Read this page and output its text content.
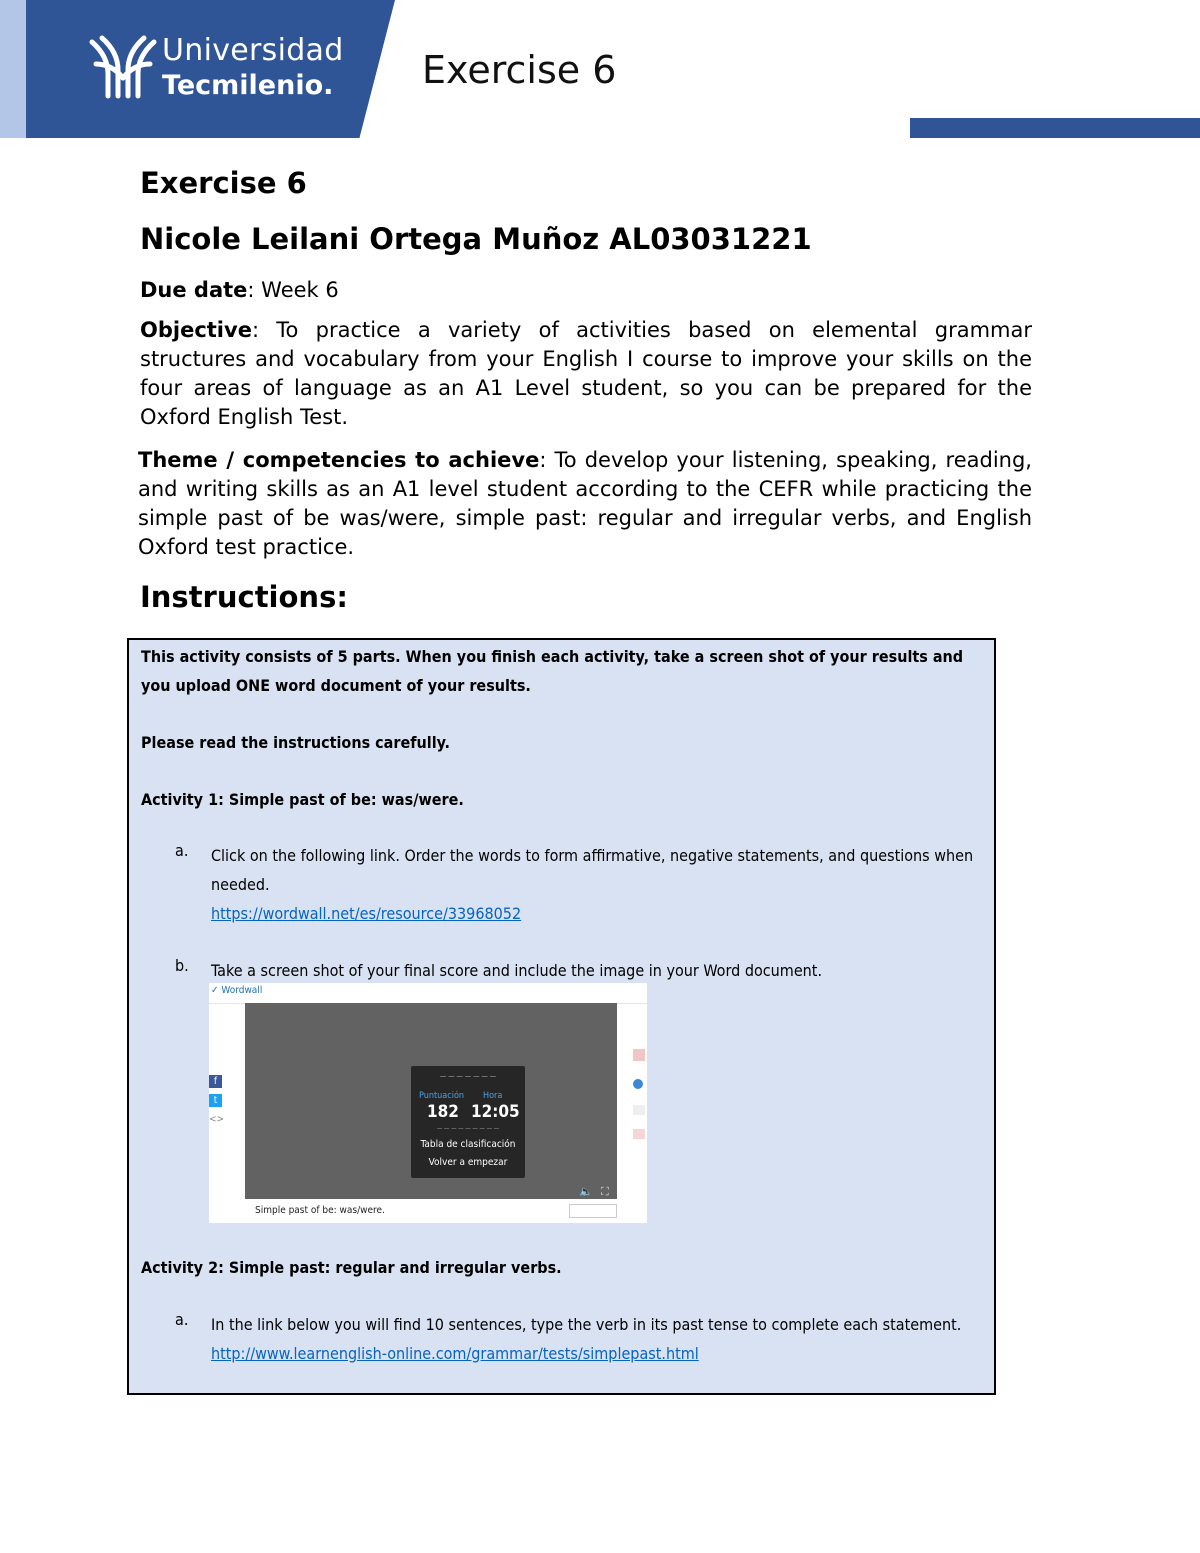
Universidad
Tecmilenio. Exercise 6
Exercise 6
Nicole Leilani Ortega Muñoz AL03031221
Due date: Week 6
Objective: To practice a variety of activities based on elemental grammar structures and vocabulary from your English I course to improve your skills on the four areas of language as an A1 Level student, so you can be prepared for the Oxford English Test.
Theme / competencies to achieve: To develop your listening, speaking, reading, and writing skills as an A1 level student according to the CEFR while practicing the simple past of be was/were, simple past: regular and irregular verbs, and English Oxford test practice.
Instructions:
This activity consists of 5 parts. When you finish each activity, take a screen shot of your results and you upload ONE word document of your results.
Please read the instructions carefully.
Activity 1: Simple past of be: was/were.
a. Click on the following link. Order the words to form affirmative, negative statements, and questions when needed.
https://wordwall.net/es/resource/33968052
b. Take a screen shot of your final score and include the image in your Word document.
✓ Wordwall
f
t
<>
— — — — — — —
Puntuación Hora
182 12:05
— — — — — — — — —
Tabla de clasificación
Volver a empezar
🔈 ⛶
Simple past of be: was/were.
Activity 2: Simple past: regular and irregular verbs.
a. In the link below you will find 10 sentences, type the verb in its past tense to complete each statement.
http://www.learnenglish-online.com/grammar/tests/simplepast.html
